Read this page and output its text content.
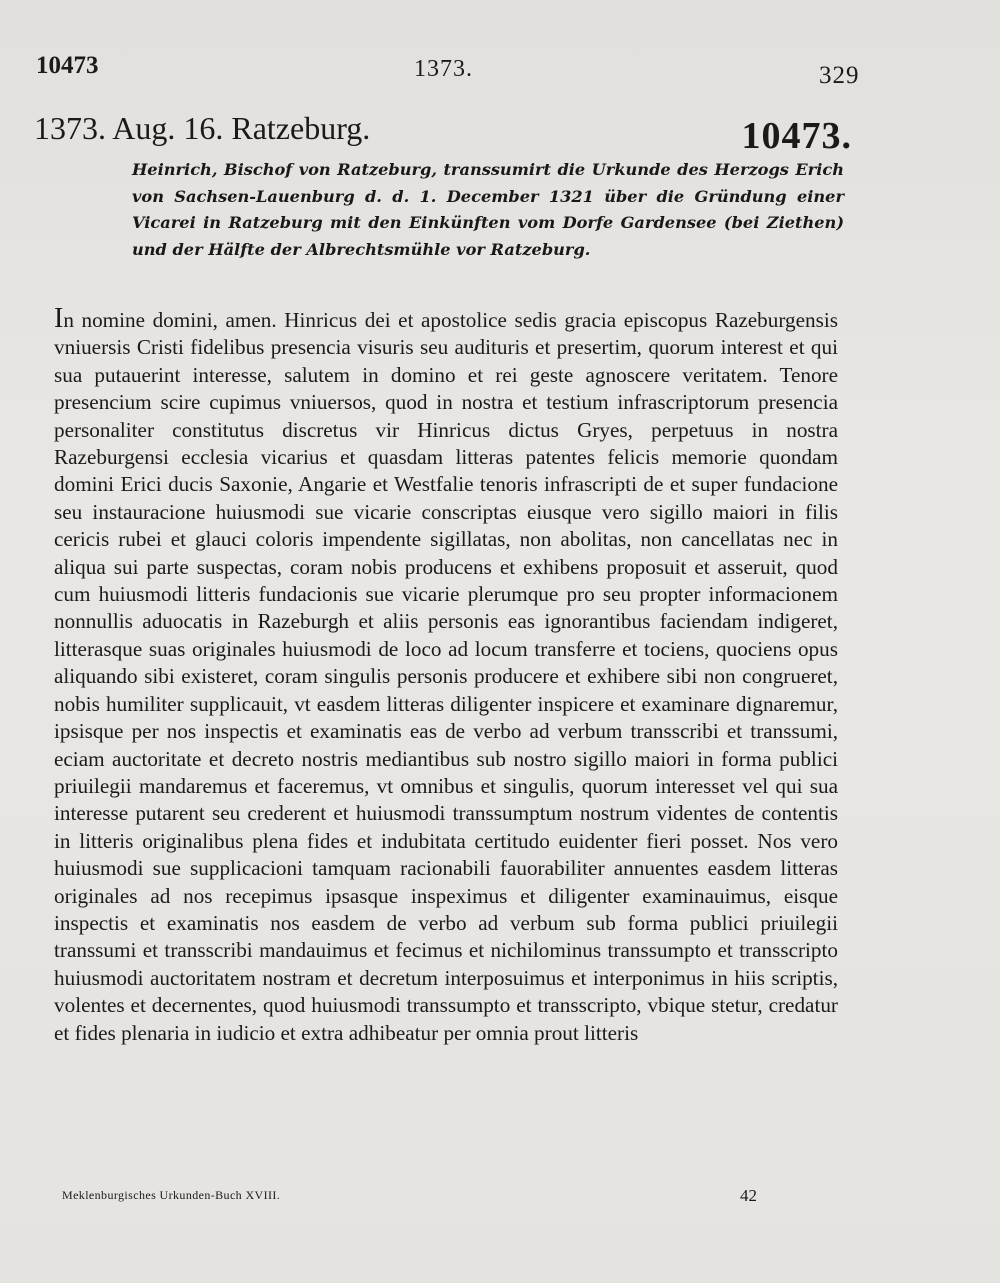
10473	1373.	329
1373. Aug. 16. Ratzeburg.	10473.
Heinrich, Bischof von Ratzeburg, transsumirt die Urkunde des Herzogs Erich von Sachsen-Lauenburg d. d. 1. December 1321 über die Gründung einer Vicarei in Ratzeburg mit den Einkünften vom Dorfe Gardensee (bei Ziethen) und der Hälfte der Albrechtsmühle vor Ratzeburg.

In nomine domini, amen. Hinricus dei et apostolice sedis gracia episcopus Razeburgensis vniuersis Cristi fidelibus presencia visuris seu audituris et presertim, quorum interest et qui sua putauerint interesse, salutem in domino et rei geste agnoscere veritatem. Tenore presencium scire cupimus vniuersos, quod in nostra et testium infrascriptorum presencia personaliter constitutus discretus vir Hinricus dictus Gryes, perpetuus in nostra Razeburgensi ecclesia vicarius et quasdam litteras patentes felicis memorie quondam domini Erici ducis Saxonie, Angarie et Westfalie tenoris infrascripti de et super fundacione seu instauracione huiusmodi sue vicarie conscriptas eiusque vero sigillo maiori in filis cericis rubei et glauci coloris impendente sigillatas, non abolitas, non cancellatas nec in aliqua sui parte suspectas, coram nobis producens et exhibens proposuit et asseruit, quod cum huiusmodi litteris fundacionis sue vicarie plerumque pro seu propter informacionem nonnullis aduocatis in Razeburgh et aliis personis eas ignorantibus faciendam indigeret, litterasque suas originales huiusmodi de loco ad locum transferre et tociens, quociens opus aliquando sibi existeret, coram singulis personis producere et exhibere sibi non congrueret, nobis humiliter supplicauit, vt easdem litteras diligenter inspicere et examinare dignaremur, ipsisque per nos inspectis et examinatis eas de verbo ad verbum transscribi et transsumi, eciam auctoritate et decreto nostris mediantibus sub nostro sigillo maiori in forma publici priuilegii mandaremus et faceremus, vt omnibus et singulis, quorum interesset vel qui sua interesse putarent seu crederent et huiusmodi transsumptum nostrum videntes de contentis in litteris originalibus plena fides et indubitata certitudo euidenter fieri posset. Nos vero huiusmodi sue supplicacioni tamquam racionabili fauorabiliter annuentes easdem litteras originales ad nos recepimus ipsasque inspeximus et diligenter examinauimus, eisque inspectis et examinatis nos easdem de verbo ad verbum sub forma publici priuilegii transsumi et transscribi mandauimus et fecimus et nichilominus transsumpto et transscripto huiusmodi auctoritatem nostram et decretum interposuimus et interponimus in hiis scriptis, volentes et decernentes, quod huiusmodi transsumpto et transscripto, vbique stetur, credatur et fides plenaria in iudicio et extra adhibeatur per omnia prout litteris

Meklenburgisches Urkunden-Buch XVIII.	42
